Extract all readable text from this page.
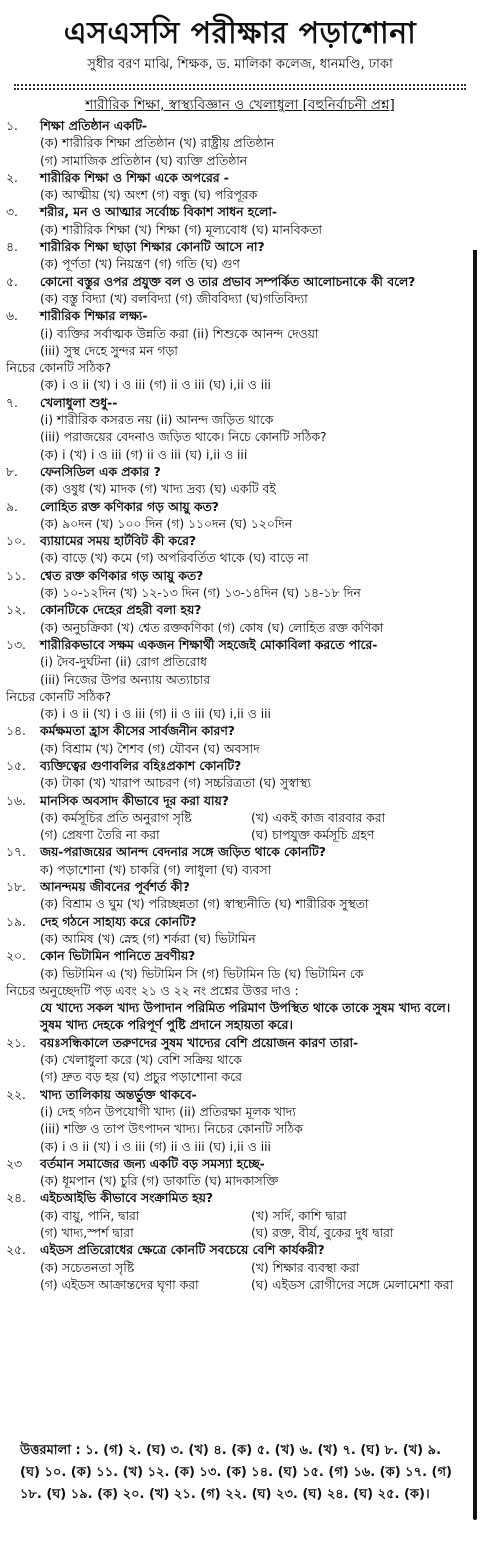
এসএসসি পরীক্ষার পড়াশোনা
সুধীর বরণ মাঝি, শিক্ষক, ড. মালিকা কলেজ, ধানমণ্ডি, ঢাকা
শারীরিক শিক্ষা, স্বাস্থ্যবিজ্ঞান ও খেলাধুলা [বহুনির্বাচনী প্রশ্ন]
১.	শিক্ষা প্রতিষ্ঠান একটি-
(ক) শারীরিক শিক্ষা প্রতিষ্ঠান (খ) রাষ্ট্রীয় প্রতিষ্ঠান
(গ) সামাজিক প্রতিষ্ঠান (ঘ) ব্যক্তি প্রতিষ্ঠান
২.	শারীরিক শিক্ষা ও শিক্ষা একে অপরের -
(ক) আত্মীয় (খ) অংশ (গ) বন্ধু (ঘ) পরিপূরক
৩.	শরীর, মন ও আত্মার সর্বোচ্চ বিকাশ সাধন হলো-
(ক) শারীরিক শিক্ষা (খ) শিক্ষা (গ) মূল্যবোধ (ঘ) মানবিকতা
৪.	শারীরিক শিক্ষা ছাড়া শিক্ষার কোনটি আসে না?
(ক) পূর্ণতা (খ) নিয়ন্ত্রণ (গ) গতি (ঘ) গুণ
৫.	কোনো বস্তুর ওপর প্রযুক্ত বল ও তার প্রভাব সম্পর্কিত আলোচনাকে কী বলে?
(ক) বস্তু বিদ্যা (খ) বলবিদ্যা (গ) জীববিদ্যা (ঘ)গতিবিদ্যা
৬.	শারীরিক শিক্ষার লক্ষ্য-
(i) ব্যক্তির সর্বাত্মক উন্নতি করা (ii) শিশুকে আনন্দ দেওয়া
(iii) সুস্থ দেহে সুন্দর মন গড়া
নিচের কোনটি সঠিক?
(ক) i ও ii (খ) i ও iii (গ) ii ও iii (ঘ) i,ii ও iii
৭.	খেলাধুলা শুধু--
(i) শারীরিক কসরত নয় (ii) আনন্দ জড়িত থাকে
(iii) পরাজয়ের বেদনাও জড়িত থাকে। নিচে কোনটি সঠিক?
(ক) i (খ) i ও iii (গ) ii ও iii (ঘ) i,ii ও iii
৮.	ফেনসিডিল এক প্রকার ?
(ক) ওষুধ (খ) মাদক (গ) খাদ্য দ্রব্য (ঘ) একটি বই
৯.	লোহিত রক্ত কণিকার গড় আয়ু কত?
(ক) ৯০দন (খ) ১০০ দিন (গ) ১১০দন (ঘ) ১২০দিন
১০.	ব্যায়ামের সময় হার্টবিট কী করে?
(ক) বাড়ে (খ) কমে (গ) অপরিবর্তিত থাকে (ঘ) বাড়ে না
১১.	শ্বেত রক্ত কণিকার গড় আয়ু কত?
(ক) ১০-১২দিন (খ) ১২-১৩ দিন (গ) ১৩-১৪দিন (ঘ) ১৪-১৮ দিন
১২.	কোনটিকে দেহের প্রহরী বলা হয়?
(ক) অনুচক্রিকা (খ) শ্বেত রক্তকণিকা (গ) কোষ (ঘ) লোহিত রক্ত কণিকা
১৩.	শারীরিকভাবে সক্ষম একজন শিক্ষার্থী সহজেই মোকাবিলা করতে পারে-
(i) দৈব-দুর্ঘটনা (ii) রোগ প্রতিরোধ
(iii) নিজের উপর অন্যায় অত্যাচার
নিচের কোনটি সঠিক?
(ক) i ও ii (খ) i ও iii (গ) ii ও iii (ঘ) i,ii ও iii
১৪.	কর্মক্ষমতা হ্রাস কীসের সার্বজনীন কারণ?
(ক) বিশ্রাম (খ) শৈশব (গ) যৌবন (ঘ) অবসাদ
১৫.	ব্যক্তিত্বের গুণাবলির বহিঃপ্রকাশ কোনটি?
(ক) টাকা (খ) খারাপ আচরণ (গ) সচ্চরিত্রতা (ঘ) সুস্বাস্থ্য
১৬.	মানসিক অবসাদ কীভাবে দূর করা যায়?
(ক) কর্মসূচির প্রতি অনুরাগ সৃষ্টি	(খ) একই কাজ বারবার করা
(গ) প্রেষণা তৈরি না করা	(ঘ) চাপযুক্ত কর্মসূচি গ্রহণ
১৭.	জয়-পরাজয়ের আনন্দ বেদনার সঙ্গে জড়িত থাকে কোনটি?
ক) পড়াশোনা (খ) চাকরি (গ) লাধুলা (ঘ) ব্যবসা
১৮.	আনন্দময় জীবনের পূর্বশর্ত কী?
(ক) বিশ্রাম ও ঘুম (খ) পরিচ্ছন্নতা (গ) স্বাস্থ্যনীতি (ঘ) শারীরিক সুস্থতা
১৯.	দেহ গঠনে সাহায্য করে কোনটি?
(ক) আমিষ (খ) স্নেহ (গ) শর্করা (ঘ) ভিটামিন
২০.	কোন ভিটামিন পানিতে দ্রবণীয়?
(ক) ভিটামিন এ (খ) ভিটামিন সি (গ) ভিটামিন ডি (ঘ) ভিটামিন কে
নিচের অনুচ্ছেদটি পড় এবং ২১ ও ২২ নং প্রশ্নের উত্তর দাও :
যে খাদ্যে সকল খাদ্য উপাদান পরিমিত পরিমাণ উপস্থিত থাকে তাকে সুষম খাদ্য বলে। সুষম খাদ্য দেহকে পরিপূর্ণ পুষ্টি প্রদানে সহায়তা করে।
২১.	বয়ঃসন্ধিকালে তরুণদের সুষম খাদ্যের বেশি প্রয়োজন কারণ তারা-
(ক) খেলাধুলা করে (খ) বেশি সক্রিয় থাকে
(গ) দ্রুত বড় হয় (ঘ) প্রচুর পড়াশোনা করে
২২.	খাদ্য তালিকায় অন্তর্ভুক্ত থাকবে-
(i) দেহ গঠন উপযোগী খাদ্য (ii) প্রতিরক্ষা মূলক খাদ্য
(iii) শক্তি ও তাপ উৎপাদন খাদ্য। নিচের কোনটি সঠিক
(ক) i ও ii (খ) i ও iii (গ) ii ও iii (ঘ) i,ii ও iii
২৩	বর্তমান সমাজের জন্য একটি বড় সমস্যা হচ্ছে-
(ক) ধূমপান (খ) চুরি (গ) ডাকাতি (ঘ) মাদকাসক্তি
২৪.	এইচআইভি কীভাবে সংক্রামিত হয়?
(ক) বায়ু, পানি, দ্বারা	(খ) সর্দি, কাশি দ্বারা
(গ) খাদ্য,স্পর্শ দ্বারা	(ঘ) রক্ত, বীর্য, বুকের দুধ দ্বারা
২৫.	এইডস প্রতিরোধের ক্ষেত্রে কোনটি সবচেয়ে বেশি কার্যকরী?
(ক) সচেতনতা সৃষ্টি	(খ) শিক্ষার ব্যবস্থা করা
(গ) এইডস আক্রান্তদের ঘৃণা করা	(ঘ) এইডস রোগীদের সঙ্গে মেলামেশা করা
উত্তরমালা : ১. (গ) ২. (ঘ) ৩. (খ) ৪. (ক) ৫. (খ) ৬. (খ) ৭. (ঘ) ৮. (খ) ৯. (ঘ) ১০. (ক) ১১. (খ) ১২. (ক) ১৩. (ক) ১৪. (ঘ) ১৫. (গ) ১৬. (ক) ১৭. (গ) ১৮. (ঘ) ১৯. (ক) ২০. (খ) ২১. (গ) ২২. (ঘ) ২৩. (ঘ) ২৪. (ঘ) ২৫. (ক)।
